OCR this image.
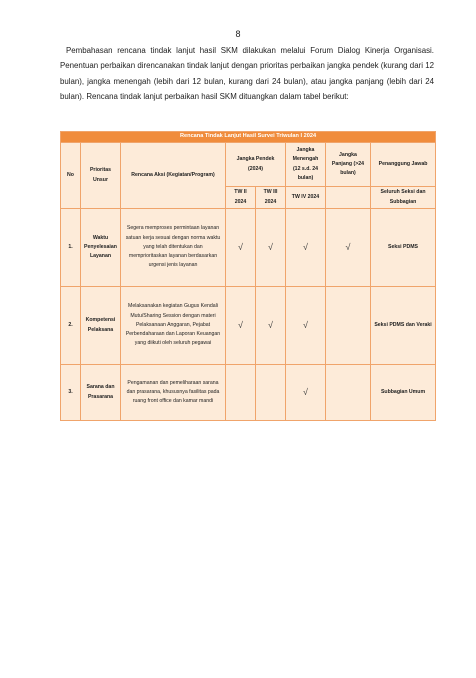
8

Pembahasan rencana tindak lanjut hasil SKM dilakukan melalui Forum Dialog Kinerja Organisasi. Penentuan perbaikan direncanakan tindak lanjut dengan prioritas perbaikan jangka pendek (kurang dari 12 bulan), jangka menengah (lebih dari 12 bulan, kurang dari 24 bulan), atau jangka panjang (lebih dari 24 bulan). Rencana tindak lanjut perbaikan hasil SKM dituangkan dalam tabel berikut:

Rencana Tindak Lanjut Hasil Survei Triwulan I 2024							
No	Prioritas Unsur	Rencana Aksi (Kegiatan/Program)	Jangka Pendek (2024)		Jangka Menengah (12 s.d. 24 bulan)	Jangka Panjang (>24 bulan)	Penanggung Jawab
			TW II 2024	TW III 2024	TW IV 2024		Seluruh Seksi dan Subbagian
1.	Waktu Penyelesaian Layanan	Segera memproses permintaan layanan satuan kerja sesuai dengan norma waktu yang telah ditentukan dan memprioritaskan layanan berdasarkan urgensi jenis layanan	√	√	√	√	Seksi PDMS
2.	Kompetensi Pelaksana	Melaksanakan kegiatan Gugus Kendali Mutu/Sharing Session dengan materi Pelaksanaan Anggaran, Pejabat Perbendaharaan dan Laporan Keuangan yang diikuti oleh seluruh pegawai	√	√	√		Seksi PDMS dan Veraki
3.	Sarana dan Prasarana	Pengamanan dan pemeliharaan sarana dan prasarana, khususnya fasilitas pada ruang front office dan kamar mandi			√		Subbagian Umum
